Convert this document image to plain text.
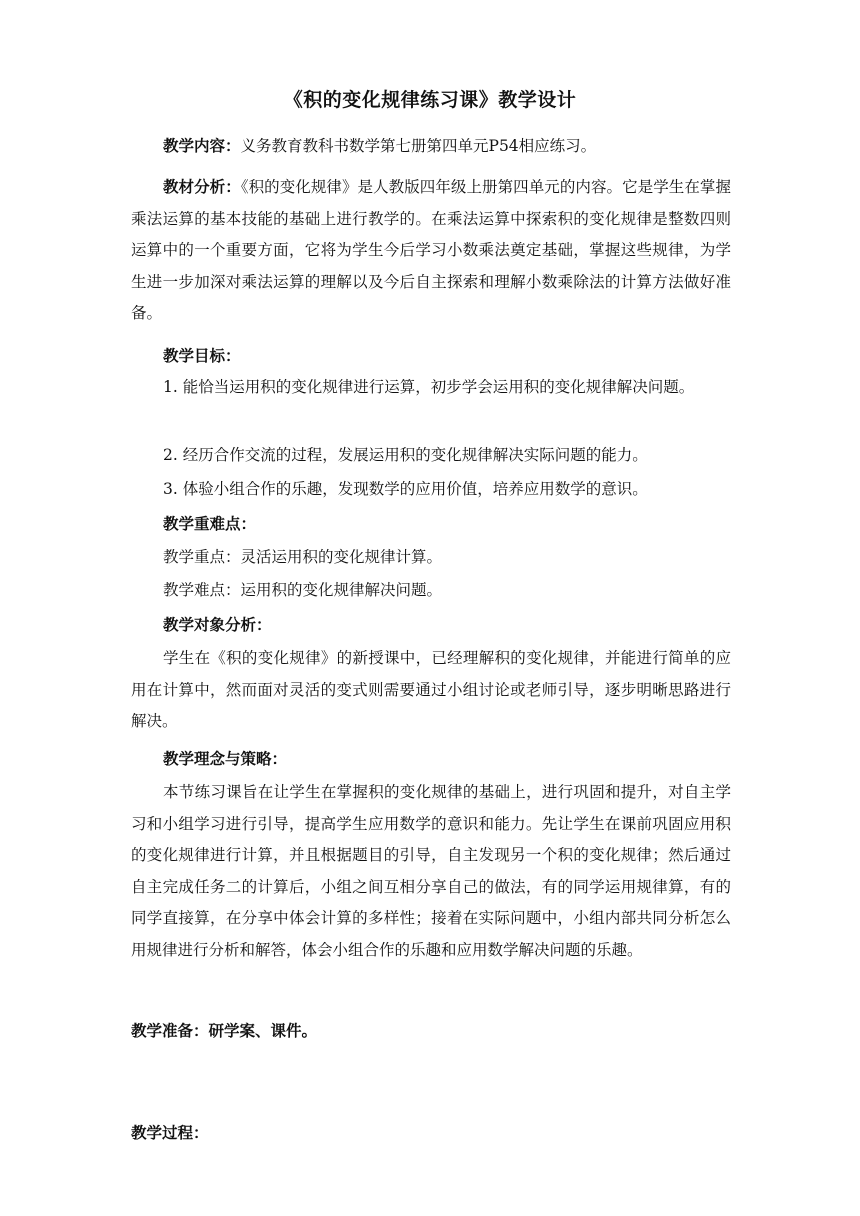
《积的变化规律练习课》教学设计
教学内容：义务教育教科书数学第七册第四单元P54相应练习。
教材分析：《积的变化规律》是人教版四年级上册第四单元的内容。它是学生在掌握乘法运算的基本技能的基础上进行教学的。在乘法运算中探索积的变化规律是整数四则运算中的一个重要方面，它将为学生今后学习小数乘法奠定基础，掌握这些规律，为学生进一步加深对乘法运算的理解以及今后自主探索和理解小数乘除法的计算方法做好准备。
教学目标：
1. 能恰当运用积的变化规律进行运算，初步学会运用积的变化规律解决问题。
2. 经历合作交流的过程，发展运用积的变化规律解决实际问题的能力。
3. 体验小组合作的乐趣，发现数学的应用价值，培养应用数学的意识。
教学重难点：
教学重点：灵活运用积的变化规律计算。
教学难点：运用积的变化规律解决问题。
教学对象分析：
学生在《积的变化规律》的新授课中，已经理解积的变化规律，并能进行简单的应用在计算中，然而面对灵活的变式则需要通过小组讨论或老师引导，逐步明晰思路进行解决。
教学理念与策略：
本节练习课旨在让学生在掌握积的变化规律的基础上，进行巩固和提升，对自主学习和小组学习进行引导，提高学生应用数学的意识和能力。先让学生在课前巩固应用积的变化规律进行计算，并且根据题目的引导，自主发现另一个积的变化规律；然后通过自主完成任务二的计算后，小组之间互相分享自己的做法，有的同学运用规律算，有的同学直接算，在分享中体会计算的多样性；接着在实际问题中，小组内部共同分析怎么用规律进行分析和解答，体会小组合作的乐趣和应用数学解决问题的乐趣。
教学准备：研学案、课件。
教学过程：
